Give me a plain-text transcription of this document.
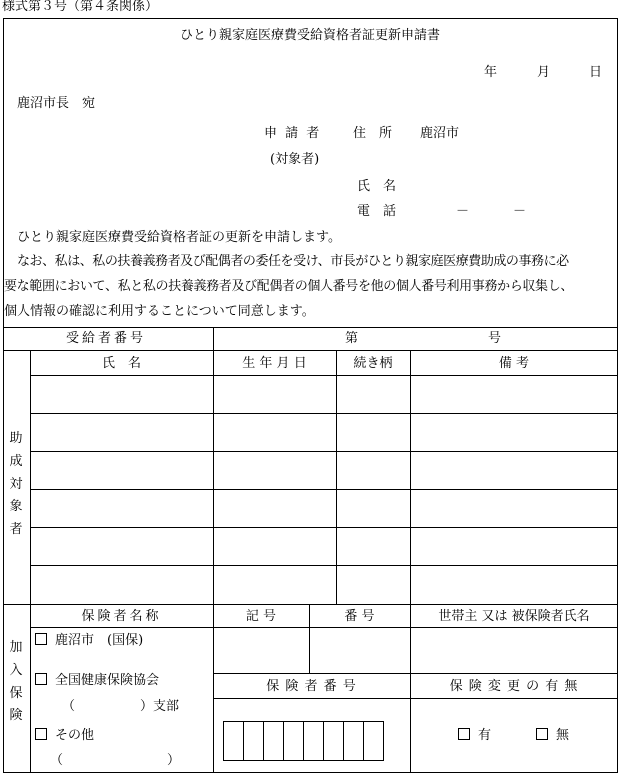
様式第３号（第４条関係）
ひとり親家庭医療費受給資格者証更新申請書
年	月	日
鹿沼市長　宛
申 請 者
(対象者)
住　所 鹿沼市
氏　名
電　話	－	－
ひとり親家庭医療費受給資格者証の更新を申請します。
なお、私は、私の扶養義務者及び配偶者の委任を受け、市長がひとり親家庭医療費助成の事務に必
要な範囲において、私と私の扶養義務者及び配偶者の個人番号を他の個人番号利用事務から収集し、
個人情報の確認に利用することについて同意します。
受給者番号	第	号
助成対象者
氏　名	生 年 月 日	続き柄	備 考
加入保険
保険者名称	記 号	番 号	世帯主 又は 被保険者氏名
鹿沼市　(国保)
全国健康保険協会
（　　　　　）支部
その他
（　　　　　　　　）
保 険 者 番 号	保 険 変 更 の 有 無
有	無
